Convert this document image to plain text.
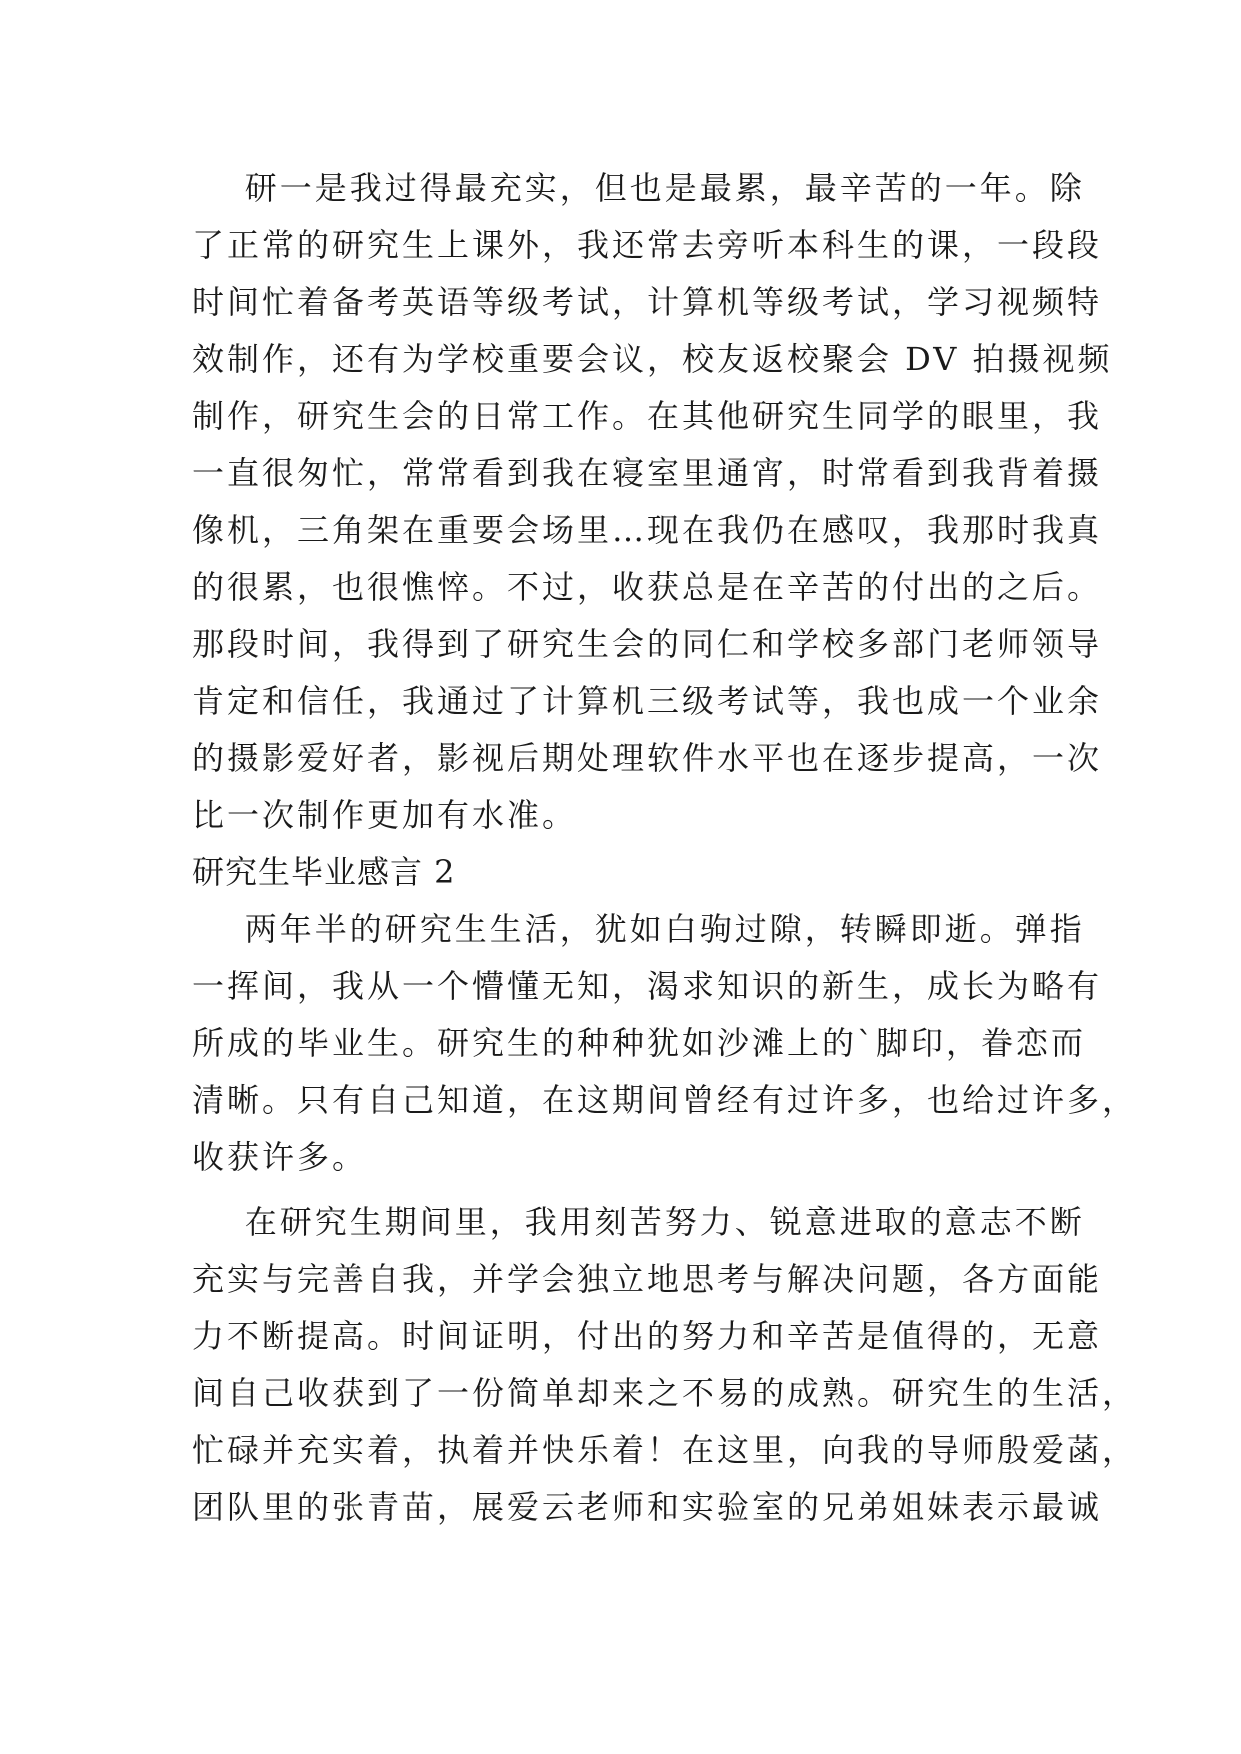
研一是我过得最充实，但也是最累，最辛苦的一年。除
了正常的研究生上课外，我还常去旁听本科生的课，一段段
时间忙着备考英语等级考试，计算机等级考试，学习视频特
效制作，还有为学校重要会议，校友返校聚会 DV 拍摄视频
制作，研究生会的日常工作。在其他研究生同学的眼里，我
一直很匆忙，常常看到我在寝室里通宵，时常看到我背着摄
像机，三角架在重要会场里…现在我仍在感叹，我那时我真
的很累，也很憔悴。不过，收获总是在辛苦的付出的之后。
那段时间，我得到了研究生会的同仁和学校多部门老师领导
肯定和信任，我通过了计算机三级考试等，我也成一个业余
的摄影爱好者，影视后期处理软件水平也在逐步提高，一次
比一次制作更加有水准。
研究生毕业感言 2
两年半的研究生生活，犹如白驹过隙，转瞬即逝。弹指
一挥间，我从一个懵懂无知，渴求知识的新生，成长为略有
所成的毕业生。研究生的种种犹如沙滩上的`脚印，眷恋而
清晰。只有自己知道，在这期间曾经有过许多，也给过许多，
收获许多。
在研究生期间里，我用刻苦努力、锐意进取的意志不断
充实与完善自我，并学会独立地思考与解决问题，各方面能
力不断提高。时间证明，付出的努力和辛苦是值得的，无意
间自己收获到了一份简单却来之不易的成熟。研究生的生活，
忙碌并充实着，执着并快乐着！在这里，向我的导师殷爱菡，
团队里的张青苗，展爱云老师和实验室的兄弟姐妹表示最诚
